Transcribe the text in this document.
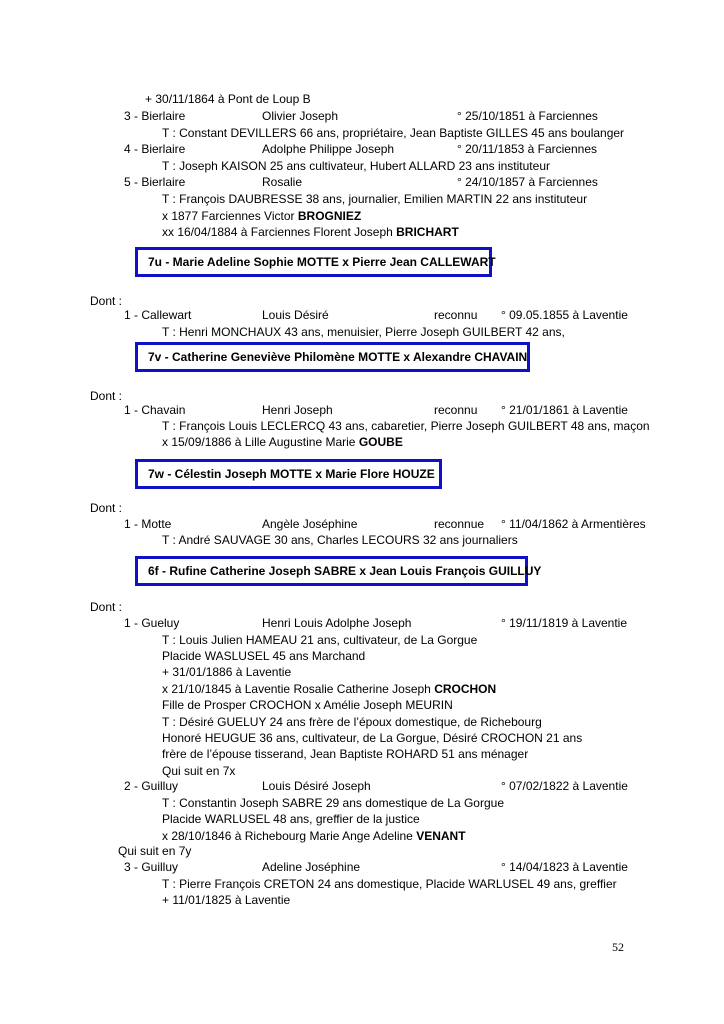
+ 30/11/1864 à Pont de Loup B
3 - Bierlaire	Olivier Joseph	° 25/10/1851 à Farciennes
T : Constant DEVILLERS 66 ans, propriétaire, Jean Baptiste GILLES 45 ans boulanger
4 - Bierlaire	Adolphe Philippe Joseph	° 20/11/1853 à Farciennes
T : Joseph KAISON 25 ans cultivateur, Hubert ALLARD 23 ans instituteur
5 - Bierlaire	Rosalie	° 24/10/1857 à Farciennes
T : François DAUBRESSE 38 ans, journalier, Emilien MARTIN 22 ans instituteur
x 1877 Farciennes Victor BROGNIEZ
xx 16/04/1884 à Farciennes Florent Joseph BRICHART
7u - Marie Adeline Sophie MOTTE x Pierre Jean CALLEWART
Dont :
1 - Callewart	Louis Désiré	reconnu ° 09.05.1855 à Laventie
T : Henri MONCHAUX 43 ans, menuisier, Pierre Joseph GUILBERT 42 ans,
7v - Catherine Geneviève Philomène MOTTE x Alexandre CHAVAIN
Dont :
1 - Chavain	Henri Joseph	reconnu ° 21/01/1861 à Laventie
T : François Louis LECLERCQ 43 ans, cabaretier, Pierre Joseph GUILBERT 48 ans, maçon
x 15/09/1886 à Lille Augustine Marie GOUBE
7w - Célestin Joseph MOTTE x Marie Flore HOUZE
Dont :
1 - Motte	Angèle Joséphine	reconnue ° 11/04/1862 à Armentières
T : André SAUVAGE 30 ans, Charles LECOURS 32 ans journaliers
6f - Rufine Catherine Joseph SABRE x Jean Louis François GUILLUY
Dont :
1 - Gueluy	Henri Louis Adolphe Joseph	° 19/11/1819 à Laventie
T : Louis Julien HAMEAU 21 ans, cultivateur, de La Gorgue
Placide WASLUSEL 45 ans Marchand
+ 31/01/1886 à Laventie
x 21/10/1845 à Laventie Rosalie Catherine Joseph CROCHON
Fille de Prosper CROCHON x Amélie Joseph MEURIN
T : Désiré GUELUY 24 ans frère de l’époux domestique, de Richebourg
Honoré HEUGUE 36 ans, cultivateur, de La Gorgue, Désiré CROCHON 21 ans
frère de l’épouse tisserand, Jean Baptiste ROHARD 51 ans ménager
Qui suit en 7x
2 - Guilluy	Louis Désiré Joseph	° 07/02/1822 à Laventie
T : Constantin Joseph SABRE 29 ans domestique de La Gorgue
Placide WARLUSEL 48 ans, greffier de la justice
x 28/10/1846 à Richebourg Marie Ange Adeline VENANT
Qui suit en 7y
3 - Guilluy	Adeline Joséphine	° 14/04/1823 à Laventie
T : Pierre François CRETON 24 ans domestique, Placide WARLUSEL 49 ans, greffier
+ 11/01/1825 à Laventie
52
